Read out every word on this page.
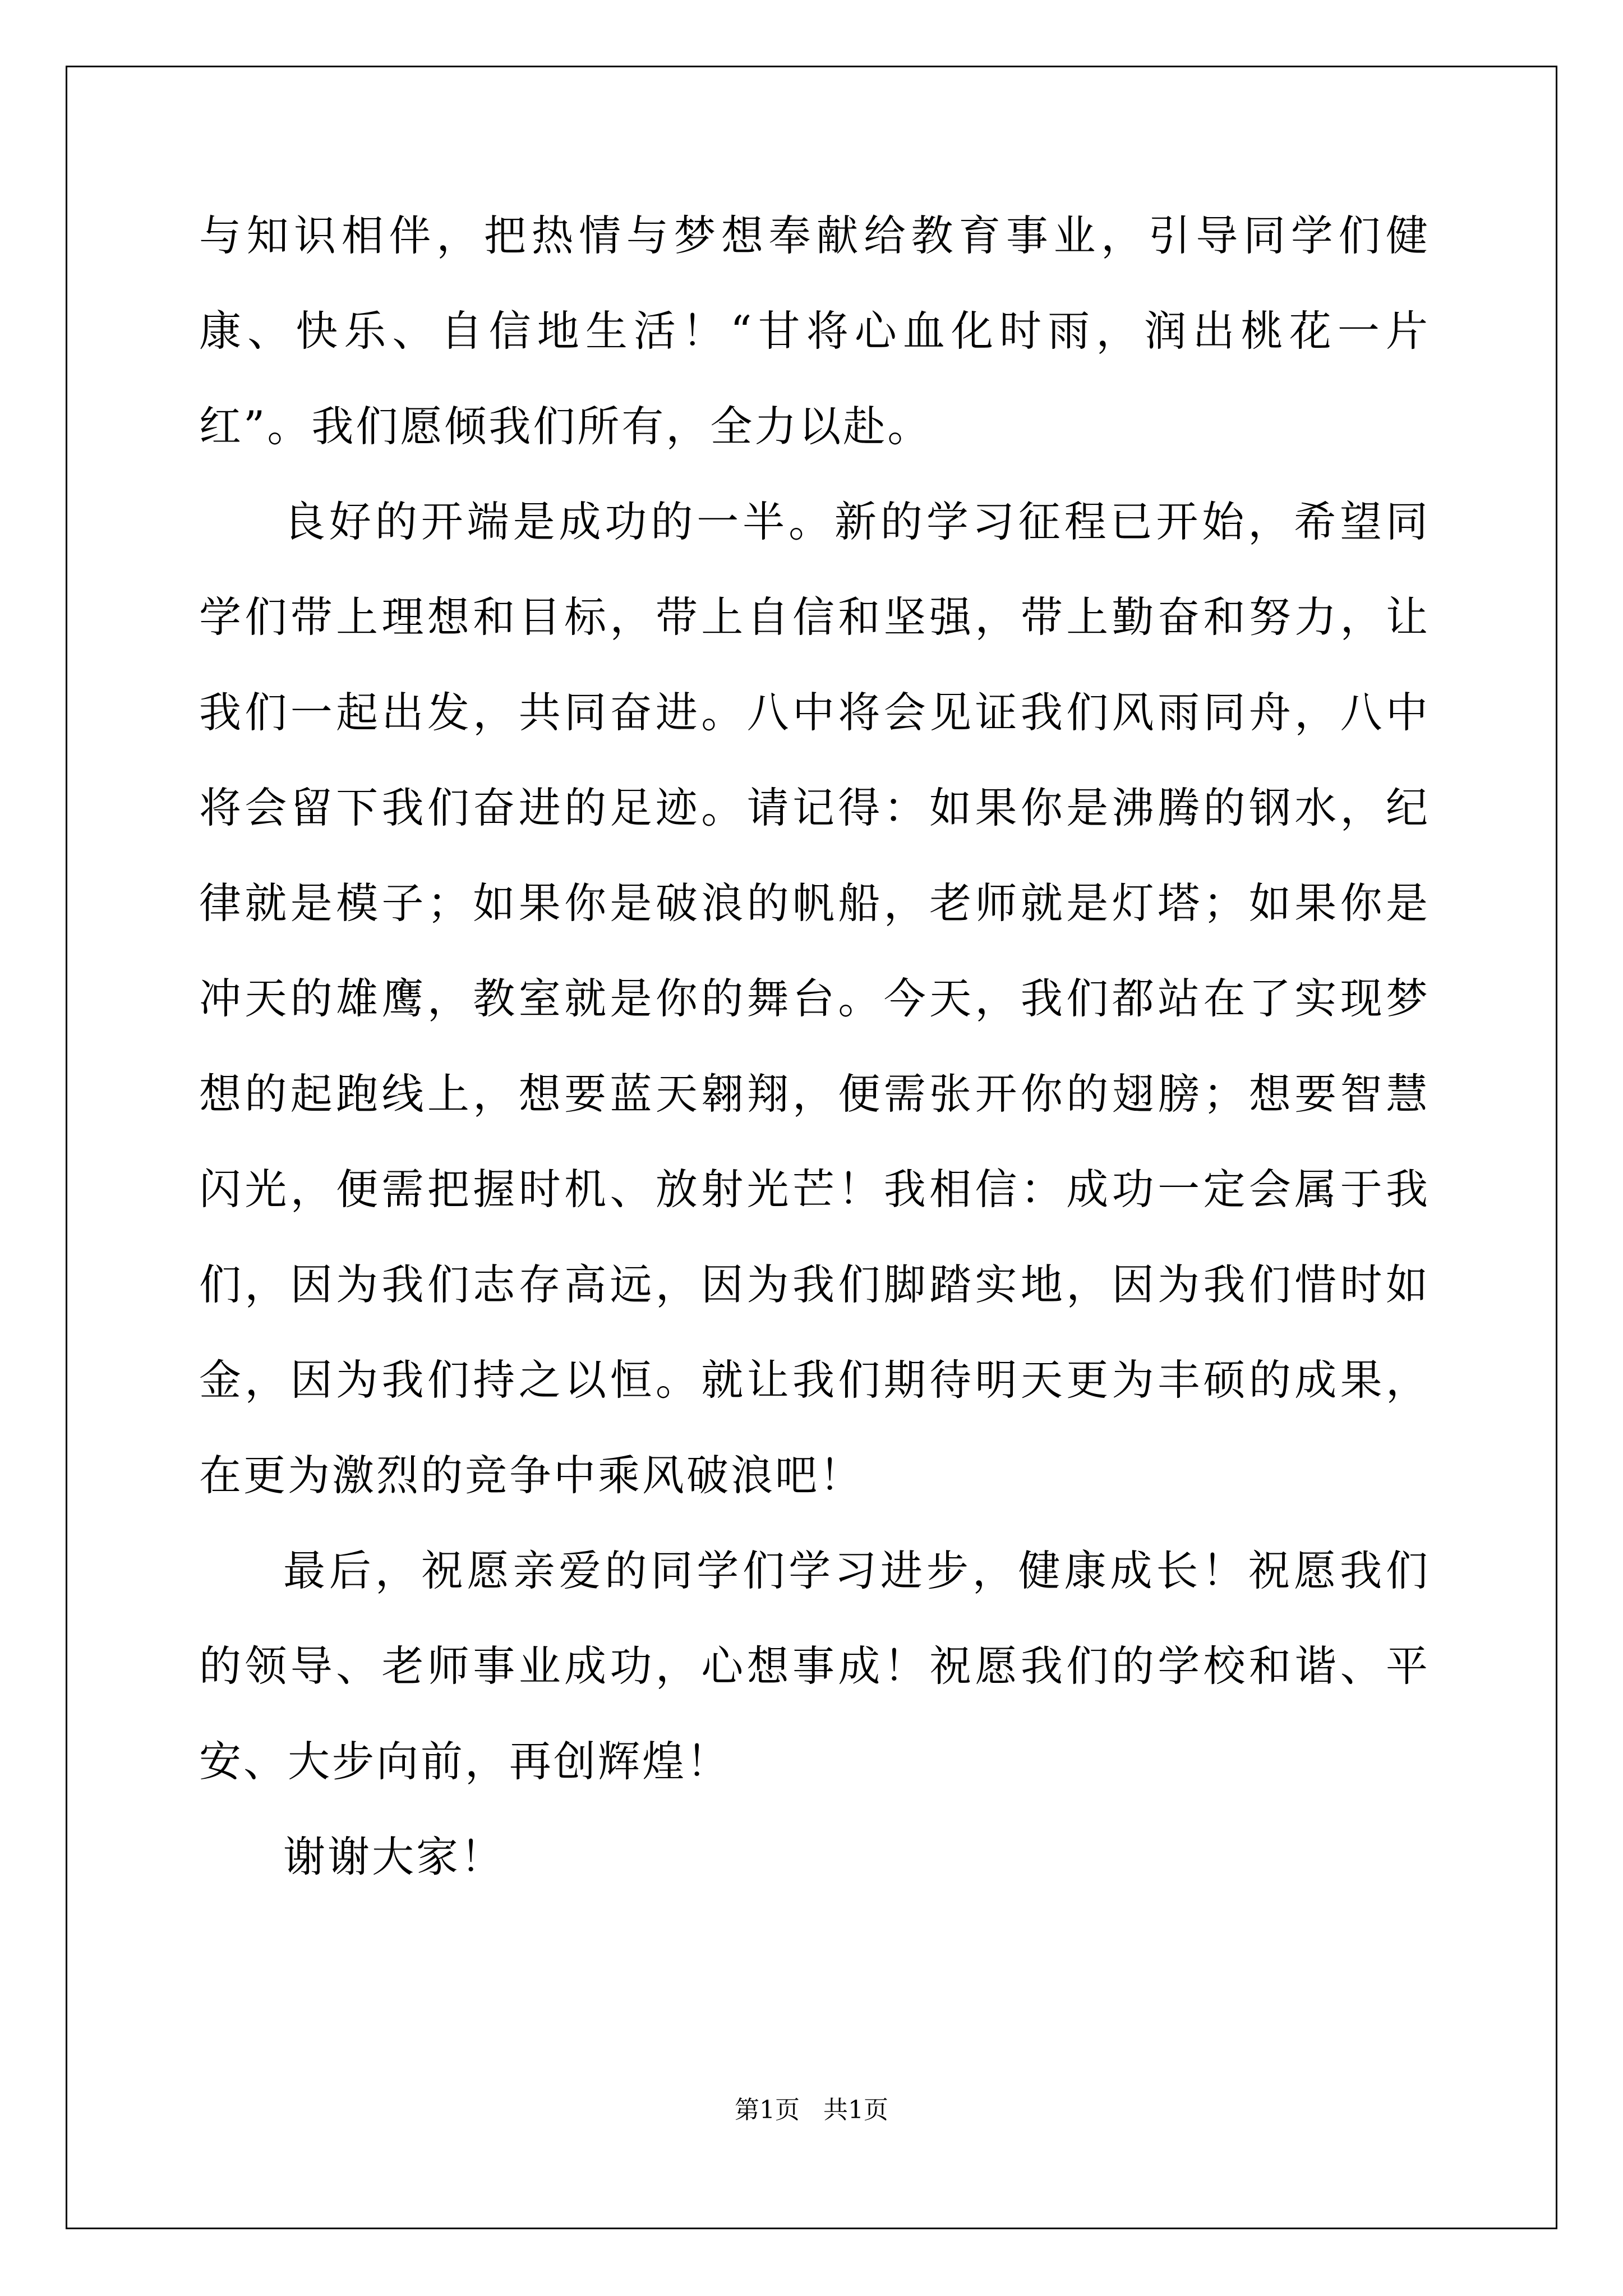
与知识相伴，把热情与梦想奉献给教育事业，引导同学们健康、快乐、自信地生活！“甘将心血化时雨，润出桃花一片红”。我们愿倾我们所有，全力以赴。

良好的开端是成功的一半。新的学习征程已开始，希望同学们带上理想和目标，带上自信和坚强，带上勤奋和努力，让我们一起出发，共同奋进。八中将会见证我们风雨同舟，八中将会留下我们奋进的足迹。请记得：如果你是沸腾的钢水，纪律就是模子；如果你是破浪的帆船，老师就是灯塔；如果你是冲天的雄鹰，教室就是你的舞台。今天，我们都站在了实现梦想的起跑线上，想要蓝天翱翔，便需张开你的翅膀；想要智慧闪光，便需把握时机、放射光芒！我相信：成功一定会属于我们，因为我们志存高远，因为我们脚踏实地，因为我们惜时如金，因为我们持之以恒。就让我们期待明天更为丰硕的成果，在更为激烈的竞争中乘风破浪吧！

最后，祝愿亲爱的同学们学习进步，健康成长！祝愿我们的领导、老师事业成功，心想事成！祝愿我们的学校和谐、平安、大步向前，再创辉煌！

谢谢大家！

第1页   共1页
